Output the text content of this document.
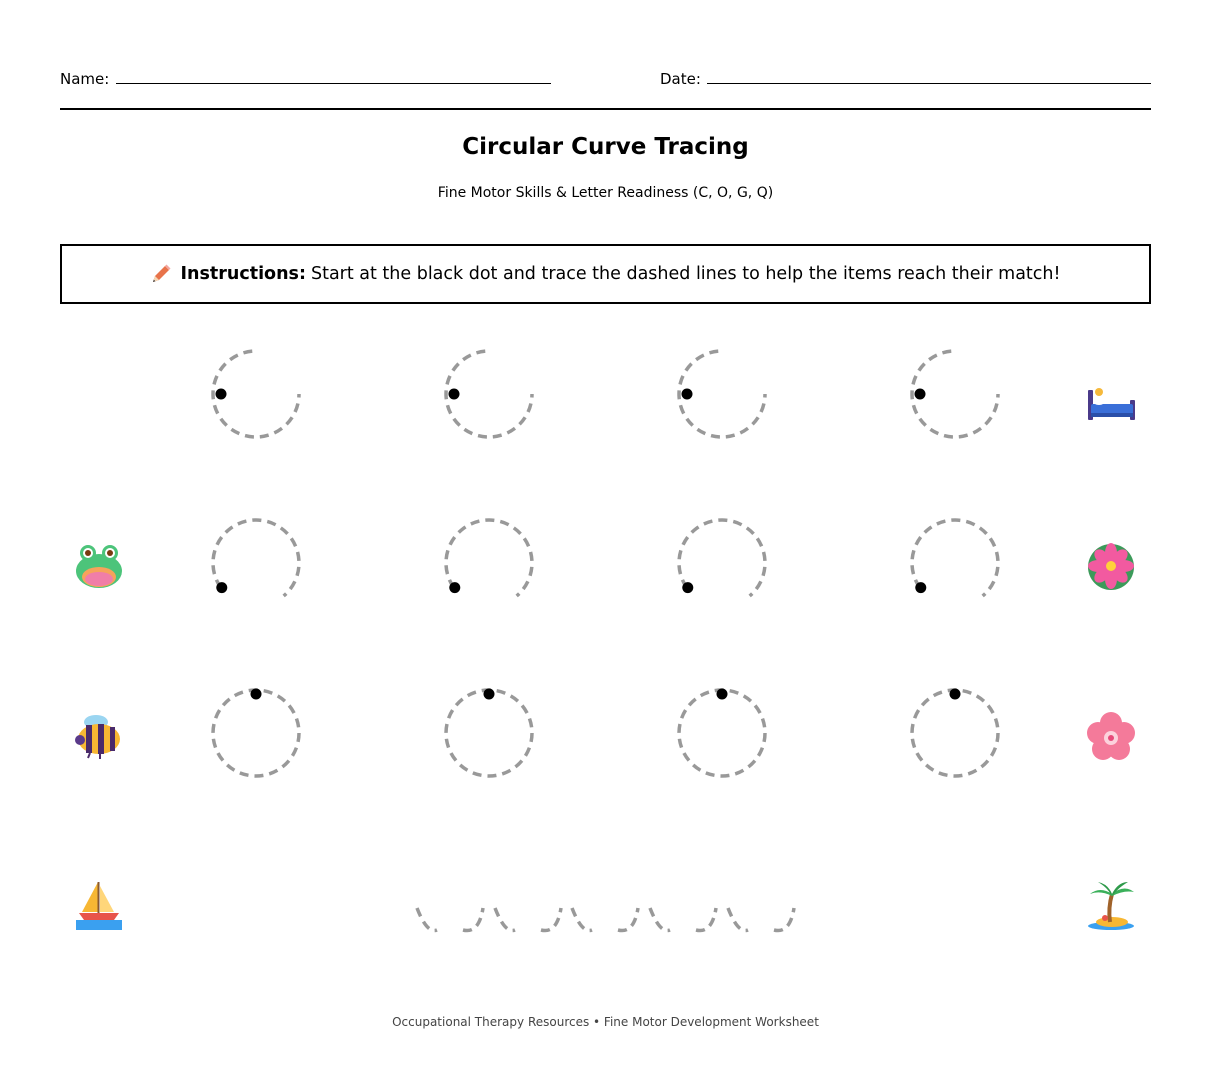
Name:	Date:
Circular Curve Tracing
Fine Motor Skills & Letter Readiness (C, O, G, Q)
Instructions: Start at the black dot and trace the dashed lines to help the items reach their match!
Occupational Therapy Resources • Fine Motor Development Worksheet
